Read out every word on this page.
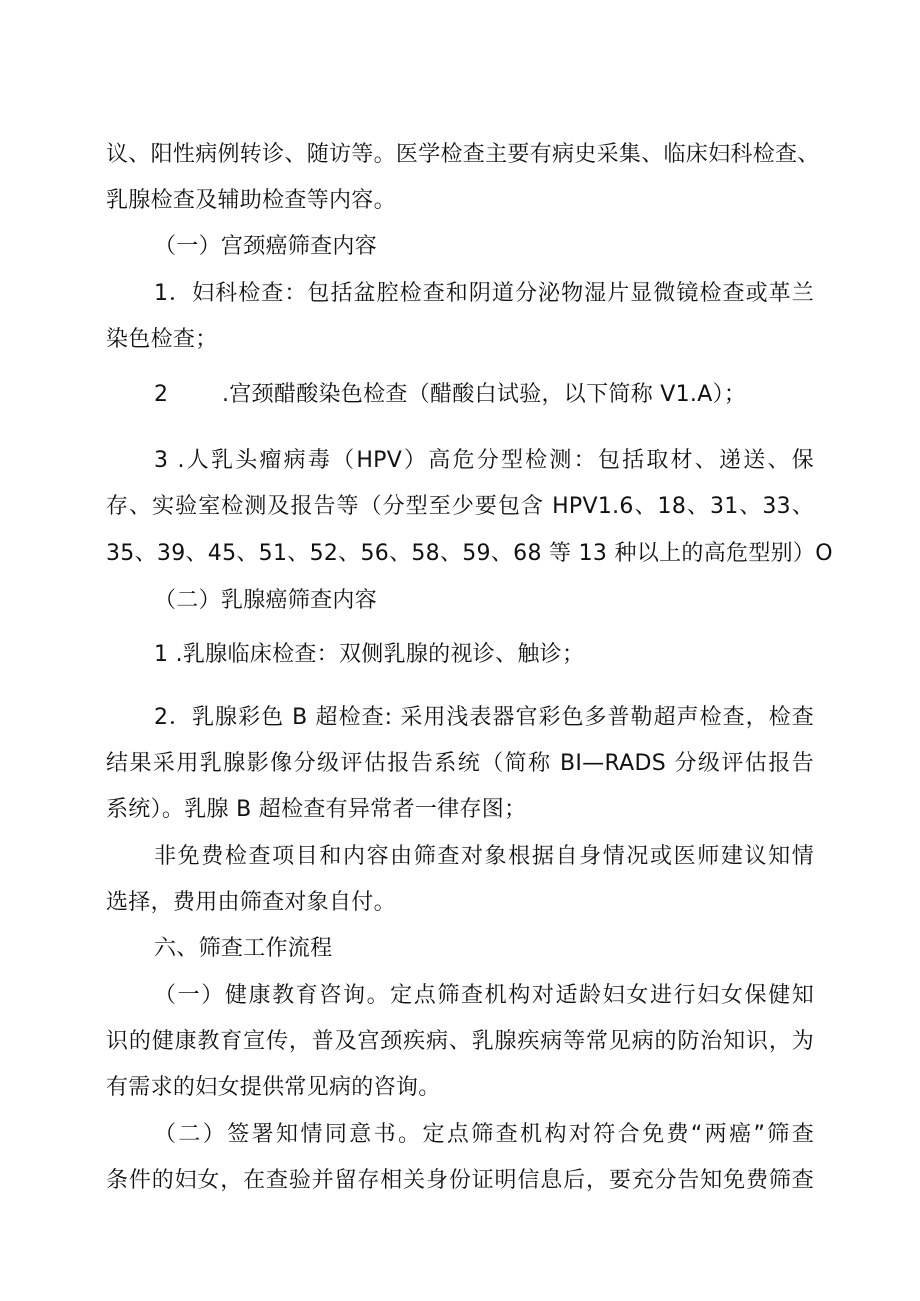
议、阳性病例转诊、随访等。医学检查主要有病史采集、临床妇科检查、
乳腺检查及辅助检查等内容。
（一）宫颈癌筛查内容
1．妇科检查：包括盆腔检查和阴道分泌物湿片显微镜检查或革兰
染色检查；
2 .宫颈醋酸染色检查（醋酸白试验，以下简称 V1.A）；
3 .人乳头瘤病毒（HPV）高危分型检测：包括取材、递送、保
存、实验室检测及报告等（分型至少要包含 HPV1.6、18、31、33、
35、39、45、51、52、56、58、59、68 等 13 种以上的高危型别）O
（二）乳腺癌筛查内容
1 .乳腺临床检查：双侧乳腺的视诊、触诊；
2．乳腺彩色 B 超检查: 采用浅表器官彩色多普勒超声检查，检查
结果采用乳腺影像分级评估报告系统（简称 BI—RADS 分级评估报告
系统）。乳腺 B 超检查有异常者一律存图；
非免费检查项目和内容由筛查对象根据自身情况或医师建议知情
选择，费用由筛查对象自付。
六、筛查工作流程
（一）健康教育咨询。定点筛查机构对适龄妇女进行妇女保健知
识的健康教育宣传，普及宫颈疾病、乳腺疾病等常见病的防治知识，为
有需求的妇女提供常见病的咨询。
（二）签署知情同意书。定点筛查机构对符合免费“两癌”筛查
条件的妇女，在查验并留存相关身份证明信息后，要充分告知免费筛查
